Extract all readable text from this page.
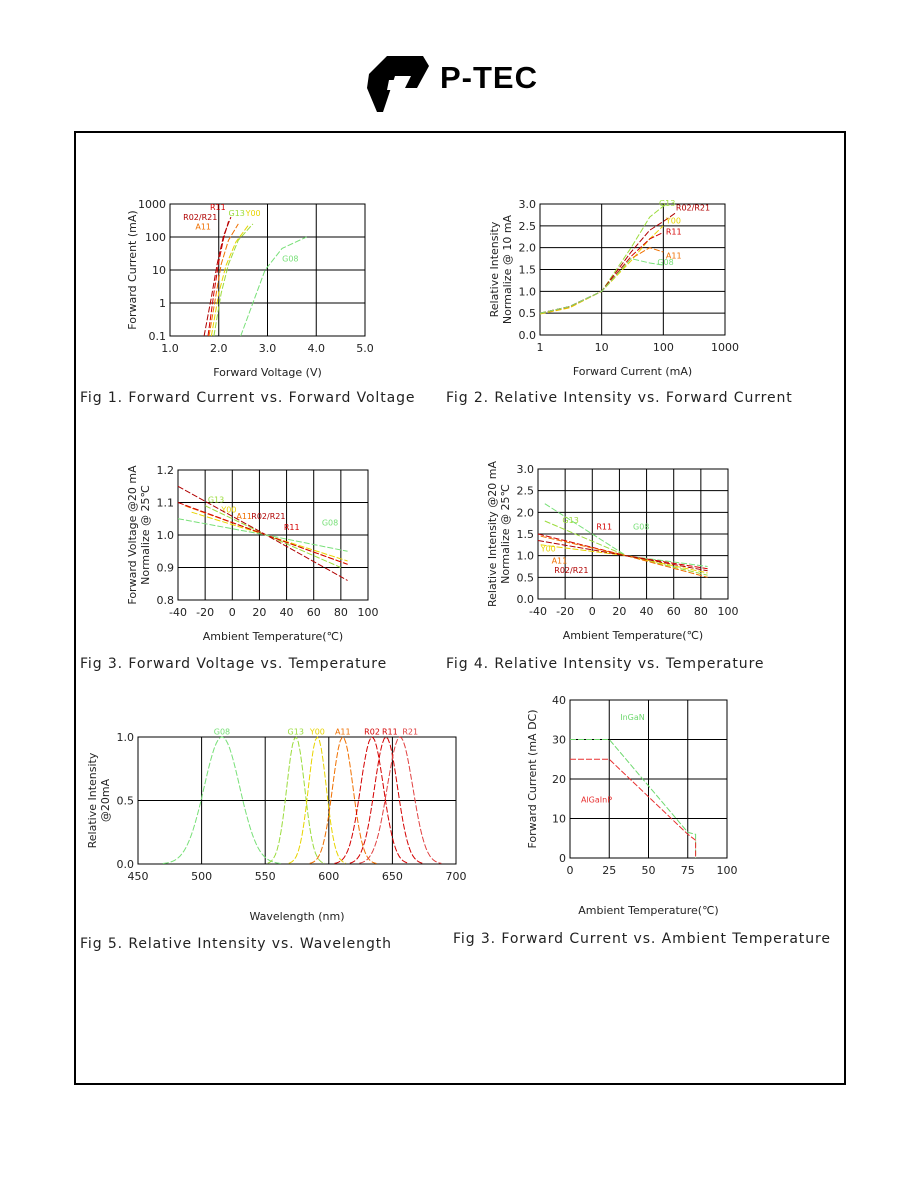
P-TEC
1.0	2.0	3.0	4.0	5.0
0.1
1
10
100
1000	R11
R02/R21
A11
G13 Y00
G08
Forward Voltage (V)
Forward Current (mA)
1	10	100	1000
0.0
0.5
1.0
1.5
2.0
2.5
3.0	G13 R02/R21
Y00
R11
A11
G08
Forward Current (mA)
Relative Intensity Normalize @ 10 mA
-40 -20 0 20 40 60 80 100
0.8
0.9
1.0
1.1
1.2
G13
Y00
A11 R02/R21
R11
G08
Ambient Temperature(℃)
Forward Voltage @20 mA Normalize @ 25℃
-40 -20 0 20 40 60 80 100
0.0
0.5
1.0
1.5
2.0
2.5
3.0
G08
G13
R11
Y00
A11
R02/R21
Ambient Temperature(℃)
Relative Intensity @20 mA Normalize @ 25℃
450	500	550	600	650	700
0.0
0.5
1.0	G08	G13 Y00 A11 R02 R11 R21
Wavelength (nm)
Relative Intensity @20mA
0	25 50 75 100
0
10
20
30
40
InGaN
AlGaInP
Ambient Temperature(℃)
Forward Current (mA DC)
Fig 1. Forward Current vs. Forward Voltage Fig 2. Relative Intensity vs. Forward Current
Fig 3. Forward Voltage vs. Temperature	Fig 4. Relative Intensity vs. Temperature
Fig 5. Relative Intensity vs. Wavelength	Fig 3. Forward Current vs. Ambient Temperature
